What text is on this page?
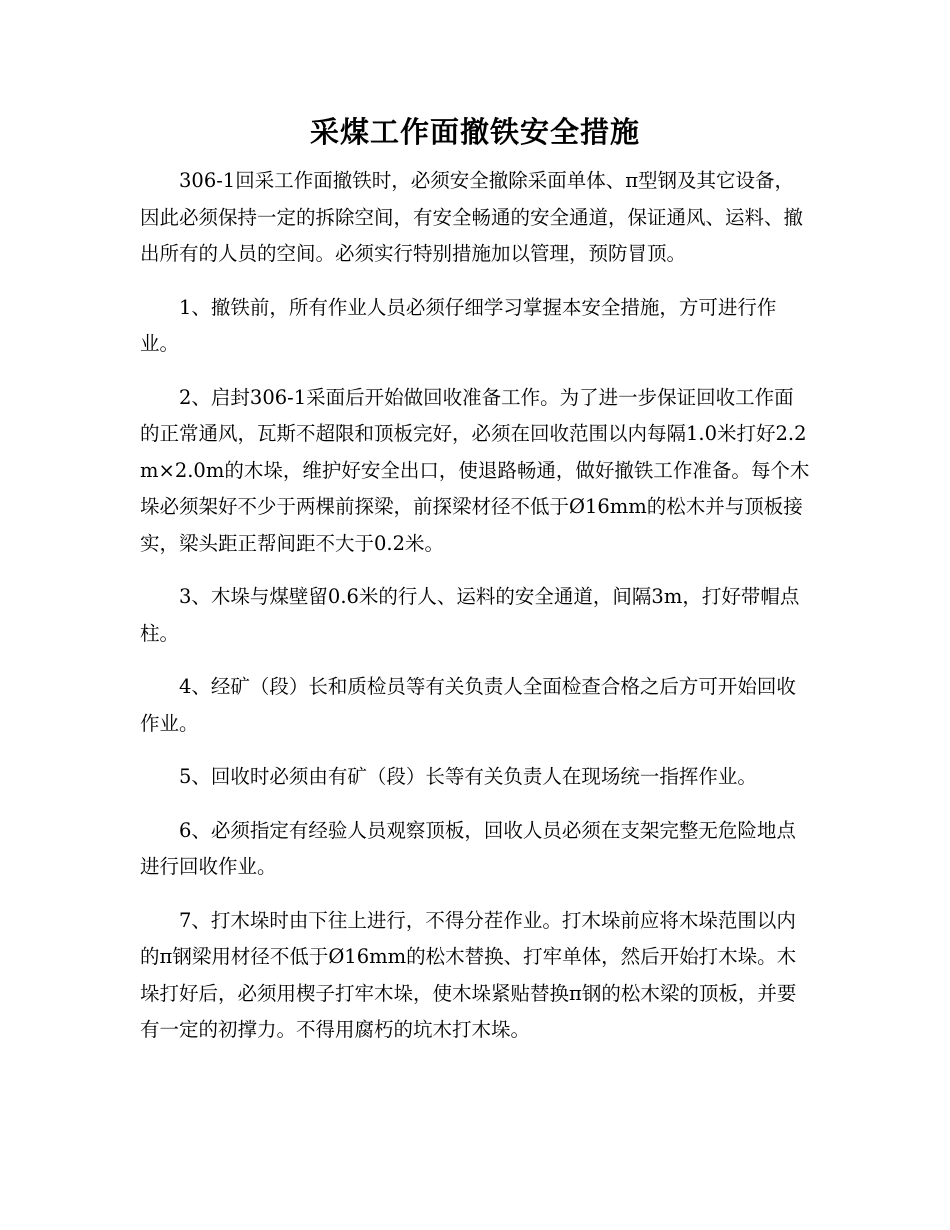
采煤工作面撤铁安全措施

306-1回采工作面撤铁时，必须安全撤除采面单体、π型钢及其它设备，因此必须保持一定的拆除空间，有安全畅通的安全通道，保证通风、运料、撤出所有的人员的空间。必须实行特别措施加以管理，预防冒顶。

1、撤铁前，所有作业人员必须仔细学习掌握本安全措施，方可进行作业。

2、启封306-1采面后开始做回收准备工作。为了进一步保证回收工作面的正常通风，瓦斯不超限和顶板完好，必须在回收范围以内每隔1.0米打好2.2m×2.0m的木垛，维护好安全出口，使退路畅通，做好撤铁工作准备。每个木垛必须架好不少于两棵前探梁，前探梁材径不低于Ø16mm的松木并与顶板接实，梁头距正帮间距不大于0.2米。

3、木垛与煤壁留0.6米的行人、运料的安全通道，间隔3m，打好带帽点柱。

4、经矿（段）长和质检员等有关负责人全面检查合格之后方可开始回收作业。

5、回收时必须由有矿（段）长等有关负责人在现场统一指挥作业。

6、必须指定有经验人员观察顶板，回收人员必须在支架完整无危险地点进行回收作业。

7、打木垛时由下往上进行，不得分茬作业。打木垛前应将木垛范围以内的π钢梁用材径不低于Ø16mm的松木替换、打牢单体，然后开始打木垛。木垛打好后，必须用楔子打牢木垛，使木垛紧贴替换π钢的松木梁的顶板，并要有一定的初撑力。不得用腐朽的坑木打木垛。
